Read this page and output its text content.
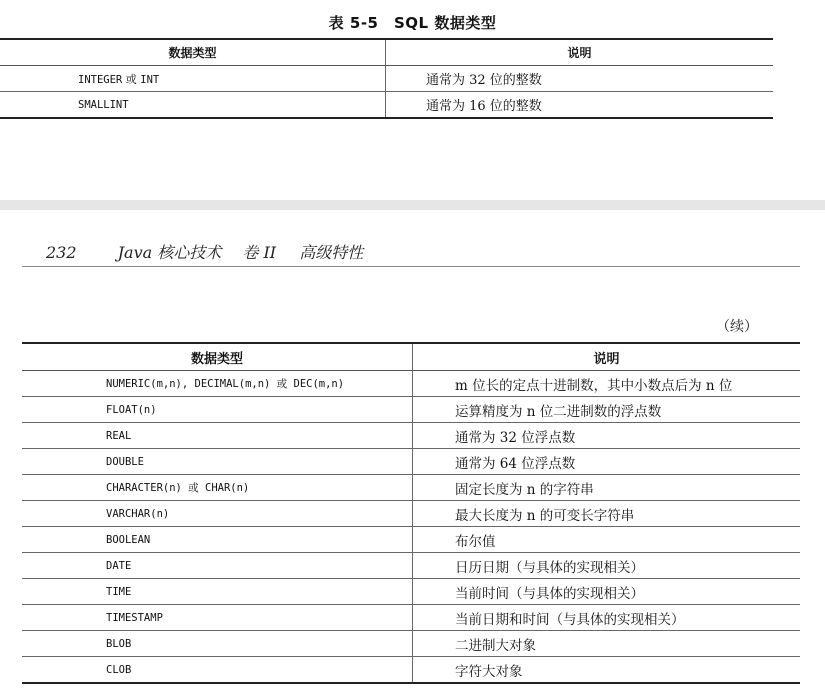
表 5-5　SQL 数据类型
数据类型	说明
INTEGER 或 INT	通常为 32 位的整数
SMALLINT	通常为 16 位的整数
232	Java 核心技术 卷 II 高级特性
（续）
数据类型	说明
NUMERIC(m,n), DECIMAL(m,n) 或 DEC(m,n)	m 位长的定点十进制数，其中小数点后为 n 位
FLOAT(n)	运算精度为 n 位二进制数的浮点数
REAL	通常为 32 位浮点数
DOUBLE	通常为 64 位浮点数
CHARACTER(n) 或 CHAR(n)	固定长度为 n 的字符串
VARCHAR(n)	最大长度为 n 的可变长字符串
BOOLEAN	布尔值
DATE	日历日期（与具体的实现相关）
TIME	当前时间（与具体的实现相关）
TIMESTAMP	当前日期和时间（与具体的实现相关）
BLOB	二进制大对象
CLOB	字符大对象
